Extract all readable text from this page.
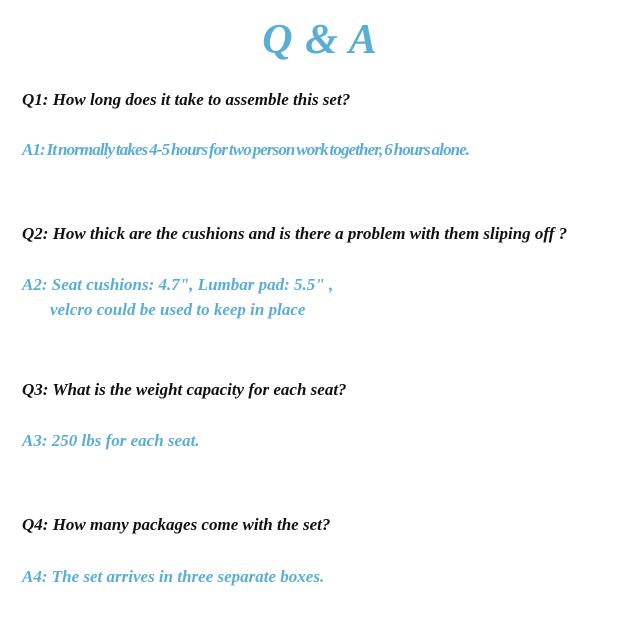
Q & A
Q1: How long does it take to assemble this set?
A1: It normally takes 4-5 hours for two person work together, 6 hours alone.
Q2: How thick are the cushions and is there a problem with them sliping off ?
A2: Seat cushions: 4.7", Lumbar pad: 5.5" ,
velcro could be used to keep in place
Q3: What is the weight capacity for each seat?
A3: 250 lbs for each seat.
Q4: How many packages come with the set?
A4: The set arrives in three separate boxes.
